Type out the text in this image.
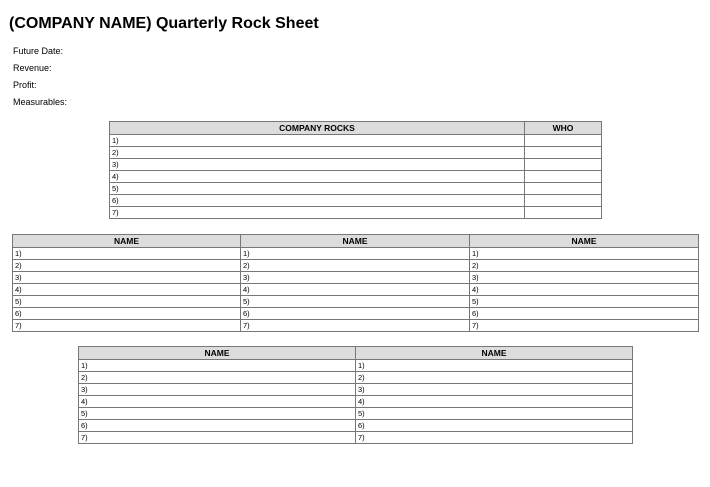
(COMPANY NAME) Quarterly Rock Sheet
Future Date:
Revenue:
Profit:
Measurables:
COMPANY ROCKS	WHO
1)	
2)	
3)	
4)	
5)	
6)	
7)	
NAME	NAME	NAME
1)	1)	1)
2)	2)	2)
3)	3)	3)
4)	4)	4)
5)	5)	5)
6)	6)	6)
7)	7)	7)
NAME	NAME
1)	1)
2)	2)
3)	3)
4)	4)
5)	5)
6)	6)
7)	7)
